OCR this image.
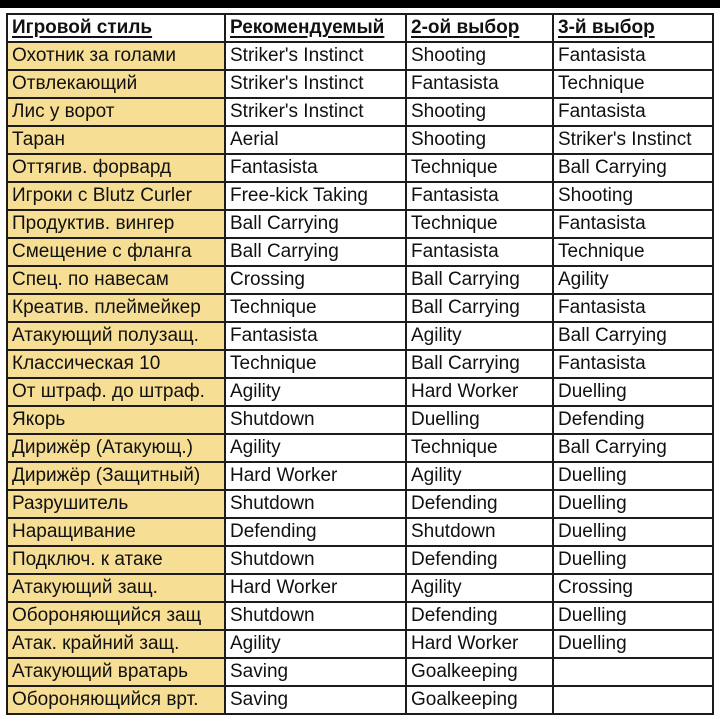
Игровой стиль	Рекомендуемый	2-ой выбор	3-й выбор
Охотник за голами	Striker's Instinct	Shooting	Fantasista
Отвлекающий	Striker's Instinct	Fantasista	Technique
Лис у ворот	Striker's Instinct	Shooting	Fantasista
Таран	Aerial	Shooting	Striker's Instinct
Оттягив. форвард	Fantasista	Technique	Ball Carrying
Игроки с Blutz Curler	Free-kick Taking	Fantasista	Shooting
Продуктив. вингер	Ball Carrying	Technique	Fantasista
Смещение с фланга	Ball Carrying	Fantasista	Technique
Спец. по навесам	Crossing	Ball Carrying	Agility
Креатив. плеймейкер	Technique	Ball Carrying	Fantasista
Атакующий полузащ.	Fantasista	Agility	Ball Carrying
Классическая 10	Technique	Ball Carrying	Fantasista
От штраф. до штраф.	Agility	Hard Worker	Duelling
Якорь	Shutdown	Duelling	Defending
Дирижёр (Атакующ.)	Agility	Technique	Ball Carrying
Дирижёр (Защитный)	Hard Worker	Agility	Duelling
Разрушитель	Shutdown	Defending	Duelling
Наращивание	Defending	Shutdown	Duelling
Подключ. к атаке	Shutdown	Defending	Duelling
Атакующий защ.	Hard Worker	Agility	Crossing
Обороняющийся защ	Shutdown	Defending	Duelling
Атак. крайний защ.	Agility	Hard Worker	Duelling
Атакующий вратарь	Saving	Goalkeeping	
Обороняющийся врт.	Saving	Goalkeeping	
